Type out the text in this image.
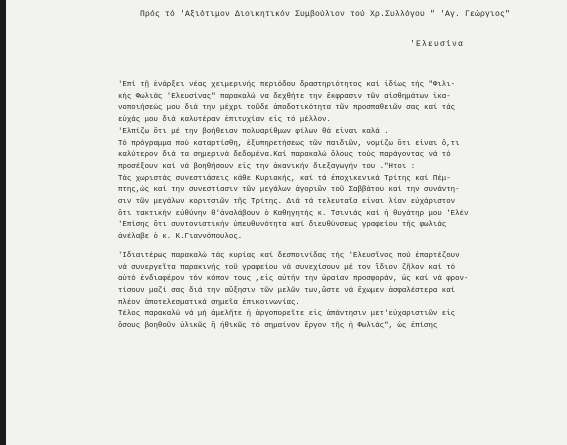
Πρός τό 'Αξιότιμον Διοικητικόν Συμβούλιον τού Χρ.Συλλόγου " 'Αγ. Γεώργιος"
'Ελευσίνα

'Επί τῇ ἐνάρξει νέας χειμερινής περιόδου δραστηριότητος καί ἰδίως τής "Φιλι-

κής Φωλιάς 'Ελευσίνας" παρακαλώ να δεχθήτε την ἔκφρασιν τῶν αἰσθημάτων ἱκα-

νοποιήσεώς μου διά την μέχρι τοῦδε ἀποδοτικότητα τῶν προσπαθειῶν σας καί τάς

εὐχάς μου διά καλυτέραν ἐπιτυχίαν εἰς τό μέλλον.

'Ελπίζω ὅτι μέ την βοήθειαν πολυαρίθμων φίλων θά εἶναι καλά .

Τό πρόγραμμα πού καταρτίσθη, ἐξυπηρετήσεως τῶν παιδιῶν, νομίζω ὅτι εἶναι ὅ,τι

καλύτερον διά τα σημερινά δεδομένα.Καί παρακαλώ ὅλους τούς παράγοντας νά τό

προσέξουν καί νά βοηθήσουν εἰς την ἀκανικήν διεξαγωγήν του ."Ητοι :

Τάς χωριστάς συνεστιάσεις κάθε Κυριακής, καί τά ἐποχικενικά Τρίτης καί Πέμ-

πτης,ώς καί την συνεστίασιν τῶν μεγάλων ἀγοριῶν τοῦ Σαββάτου καί την συνάντη-

σιν τῶν μεγάλων κοριτσιῶν τῆς Τρίτης. Διά τά τελευταῖα εἶναι λίαν εὐχάριστον

ὅτι τακτικήν εὐθύνην θ'ἀναλάβουν ὁ Καθηγητής κ. Τσινιάς καί ἡ θυγάτηρ μου 'Ελέν

'Επίσης ὅτι συντονιστικήν ὑπευθυνότητα καί διευθύνσεως γραφείου τής φωλιάς

ἀνέλαβε ὁ κ. Κ.Γιαννόπουλος.

'Ιδιαιτέρως παρακαλώ τάς κυρίας καί δεσποινίδας τής 'Ελευσῖνος πού ἐπαρτέζουν

νά συνεργεῖτα παρακινής τοῦ γραφείου νά συνεχίσουν μέ τον ἴδιον ζῆλον καί τό

αὐτό ἐνδιαφέρον τόν κόπον τους ,εἰς αὐτήν την ὡραίαν προσφοράν, ὡς καί νά φρον-

τίσουν μαζί σας διά την αὔξησιν τῶν μελῶν των,ὥστε νά ἔχωμεν ἀσφαλέστερα καί

πλέον ἀποτελεσματικά σημεῖα ἐπικοινωνίας.

Τέλος παρακαλώ νά μή ἀμελῆτε ἡ ἀργοπορεῖτε εἰς ἀπάντησιν μετ'εὐχαριστιῶν εἰς

ὅσους βοηθοῦν ὑλικῶς ἢ ἠθικῶς τό σημαίνον ἔργον τῆς ἡ Φωλιάς", ὡς ἐπίσης
